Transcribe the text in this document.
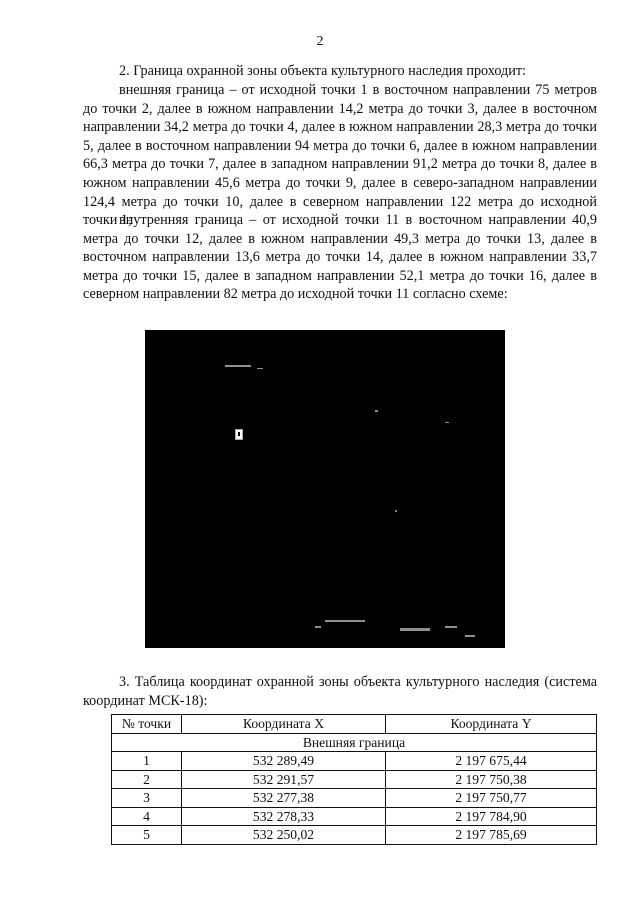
2

2. Граница охранной зоны объекта культурного наследия проходит:

внешняя граница – от исходной точки 1 в восточном направлении 75 метров до точки 2, далее в южном направлении 14,2 метра до точки 3, далее в восточном направлении 34,2 метра до точки 4, далее в южном направлении 28,3 метра до точки 5, далее в восточном направлении 94 метра до точки 6, далее в южном направлении 66,3 метра до точки 7, далее в западном направлении 91,2 метра до точки 8, далее в южном направлении 45,6 метра до точки 9, далее в северо-западном направлении 124,4 метра до точки 10, далее в северном направлении 122 метра до исходной точки 1;

внутренняя граница – от исходной точки 11 в восточном направлении 40,9 метра до точки 12, далее в южном направлении 49,3 метра до точки 13, далее в восточном направлении 13,6 метра до точки 14, далее в южном направлении 33,7 метра до точки 15, далее в западном направлении 52,1 метра до точки 16, далее в северном направлении 82 метра до исходной точки 11 согласно схеме:

3. Таблица координат охранной зоны объекта культурного наследия (система координат МСК-18):

№ точки	Координата X	Координата Y
Внешняя граница		
1	532 289,49	2 197 675,44
2	532 291,57	2 197 750,38
3	532 277,38	2 197 750,77
4	532 278,33	2 197 784,90
5	532 250,02	2 197 785,69
